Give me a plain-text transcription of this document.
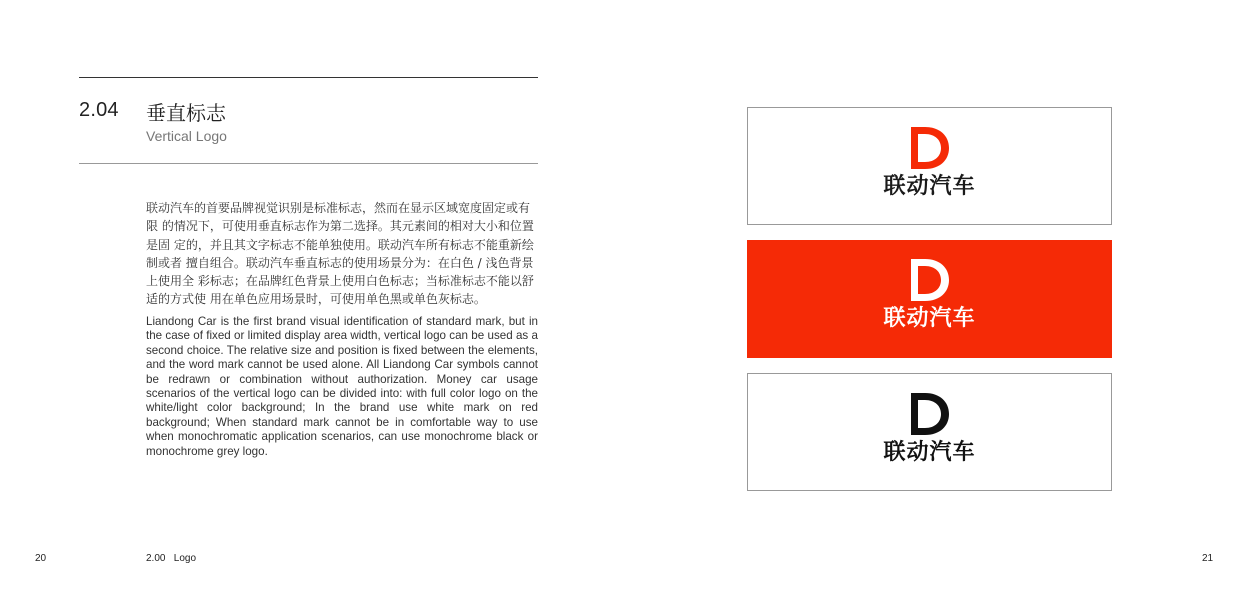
2.04 垂直标志
Vertical Logo
联动汽车的首要品牌视觉识别是标准标志，然而在显示区域宽度固定或有
限 的情况下，可使用垂直标志作为第二选择。其元素间的相对大小和位置
是固 定的，并且其文字标志不能单独使用。联动汽车所有标志不能重新绘
制或者 擅自组合。联动汽车垂直标志的使用场景分为：在白色 / 浅色背景
上使用全 彩标志；在品牌红色背景上使用白色标志；当标准标志不能以舒
适的方式使 用在单色应用场景时，可使用单色黑或单色灰标志。
Liandong Car is the first brand visual identification of standard mark, but in the case of fixed or limited display area width, vertical logo can be used as a second choice. The relative size and position is fixed between the elements, and the word mark cannot be used alone. All Liandong Car symbols cannot be redrawn or combination without authorization. Money car usage scenarios of the vertical logo can be divided into: with full color logo on the white/light color background; In the brand use white mark on red background; When standard mark cannot be in comfortable way to use when monochromatic application scenarios, can use monochrome black or monochrome grey logo.
联动汽车
联动汽车
联动汽车
20	2.00   Logo	21
